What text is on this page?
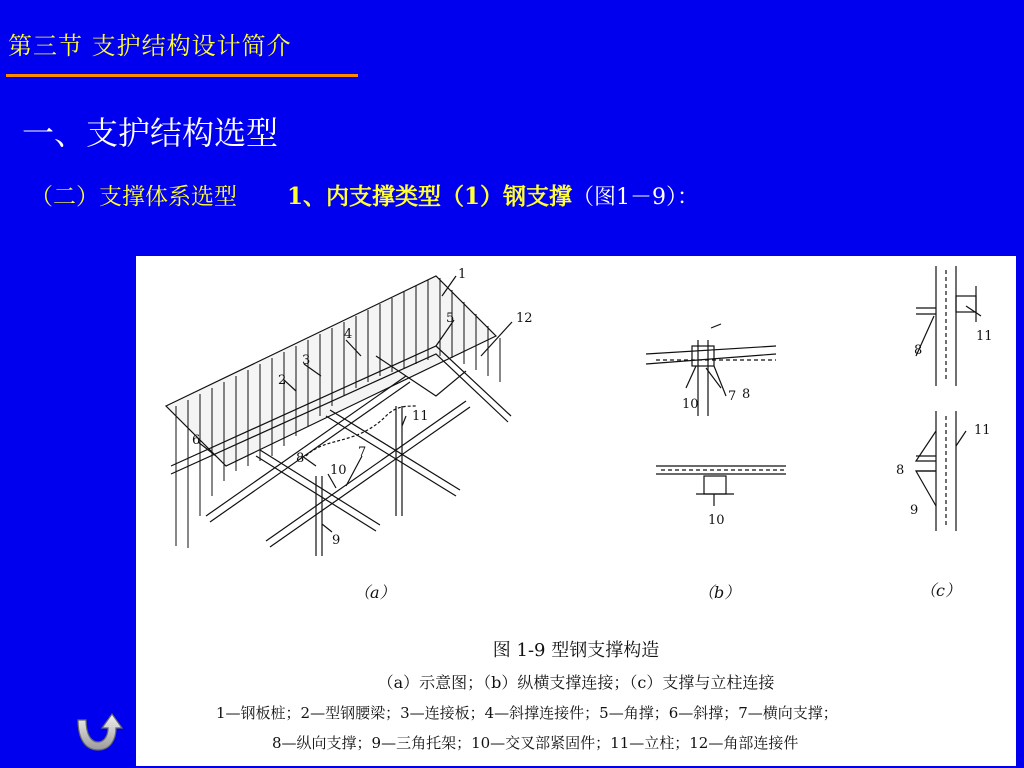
第三节 支护结构设计简介
一、支护结构选型
（二）支撑体系选型 1、内支撑类型（1）钢支撑（图1－9）：
1
2
3
4
5
6
7
8
9
10
11
12
7 8
10
10
8
11
8
9
11
（a）	（b）	（c）
图 1-9 型钢支撑构造
（a）示意图；（b）纵横支撑连接；（c）支撑与立柱连接
1—钢板桩；2—型钢腰梁；3—连接板；4—斜撑连接件；5—角撑；6—斜撑；7—横向支撑；
8—纵向支撑；9—三角托架；10—交叉部紧固件；11—立柱；12—角部连接件
